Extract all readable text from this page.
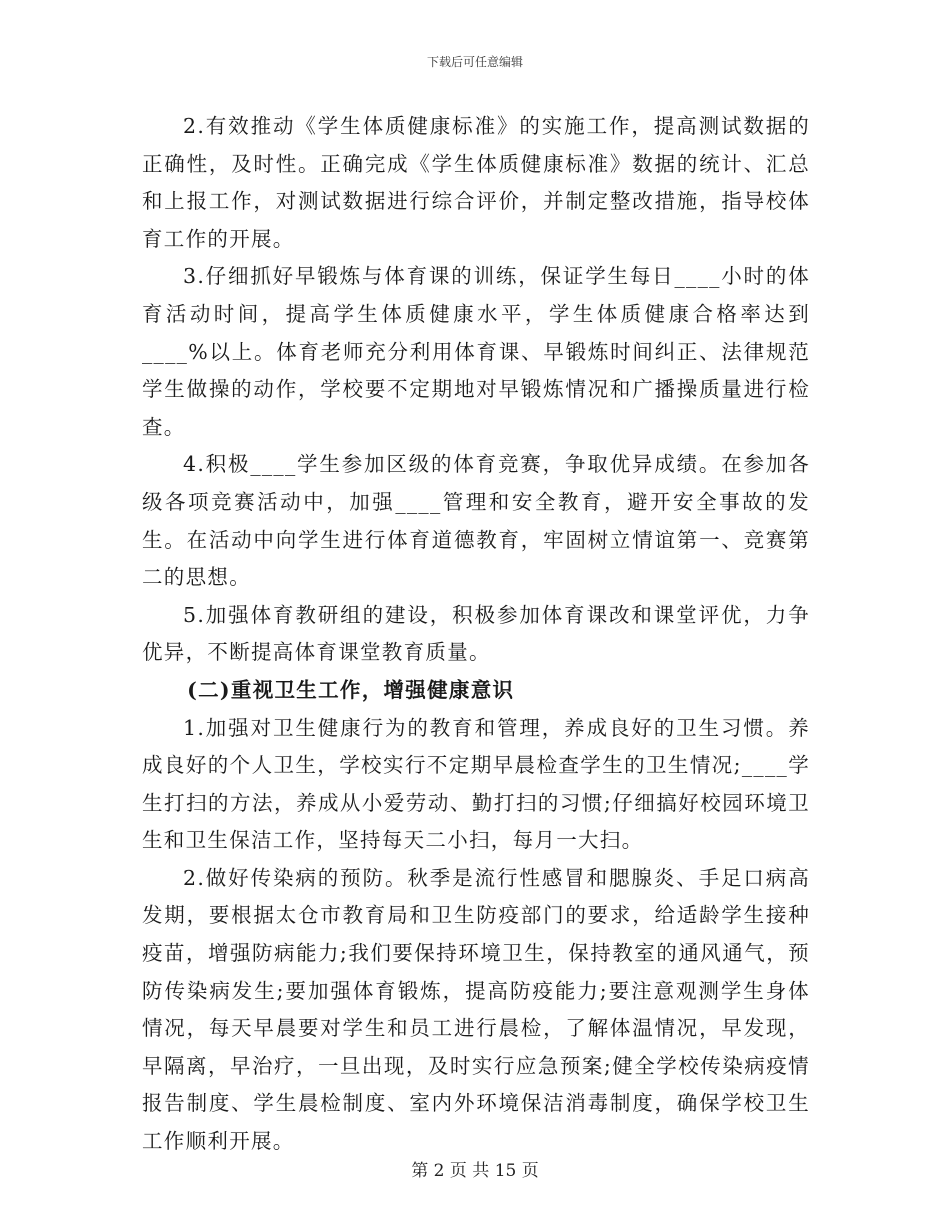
下载后可任意编辑

2.有效推动《学生体质健康标准》的实施工作，提高测试数据的正确性，及时性。正确完成《学生体质健康标准》数据的统计、汇总和上报工作，对测试数据进行综合评价，并制定整改措施，指导校体育工作的开展。

3.仔细抓好早锻炼与体育课的训练，保证学生每日____小时的体育活动时间，提高学生体质健康水平，学生体质健康合格率达到____%以上。体育老师充分利用体育课、早锻炼时间纠正、法律规范学生做操的动作，学校要不定期地对早锻炼情况和广播操质量进行检查。

4.积极____学生参加区级的体育竞赛，争取优异成绩。在参加各级各项竞赛活动中，加强____管理和安全教育，避开安全事故的发生。在活动中向学生进行体育道德教育，牢固树立情谊第一、竞赛第二的思想。

5.加强体育教研组的建设，积极参加体育课改和课堂评优，力争优异，不断提高体育课堂教育质量。

(二)重视卫生工作，增强健康意识

1.加强对卫生健康行为的教育和管理，养成良好的卫生习惯。养成良好的个人卫生，学校实行不定期早晨检查学生的卫生情况;____学生打扫的方法，养成从小爱劳动、勤打扫的习惯;仔细搞好校园环境卫生和卫生保洁工作，坚持每天二小扫，每月一大扫。

2.做好传染病的预防。秋季是流行性感冒和腮腺炎、手足口病高发期，要根据太仓市教育局和卫生防疫部门的要求，给适龄学生接种疫苗，增强防病能力;我们要保持环境卫生，保持教室的通风通气，预防传染病发生;要加强体育锻炼，提高防疫能力;要注意观测学生身体情况，每天早晨要对学生和员工进行晨检，了解体温情况，早发现，早隔离，早治疗，一旦出现，及时实行应急预案;健全学校传染病疫情报告制度、学生晨检制度、室内外环境保洁消毒制度，确保学校卫生工作顺利开展。

第 2 页 共 15 页
